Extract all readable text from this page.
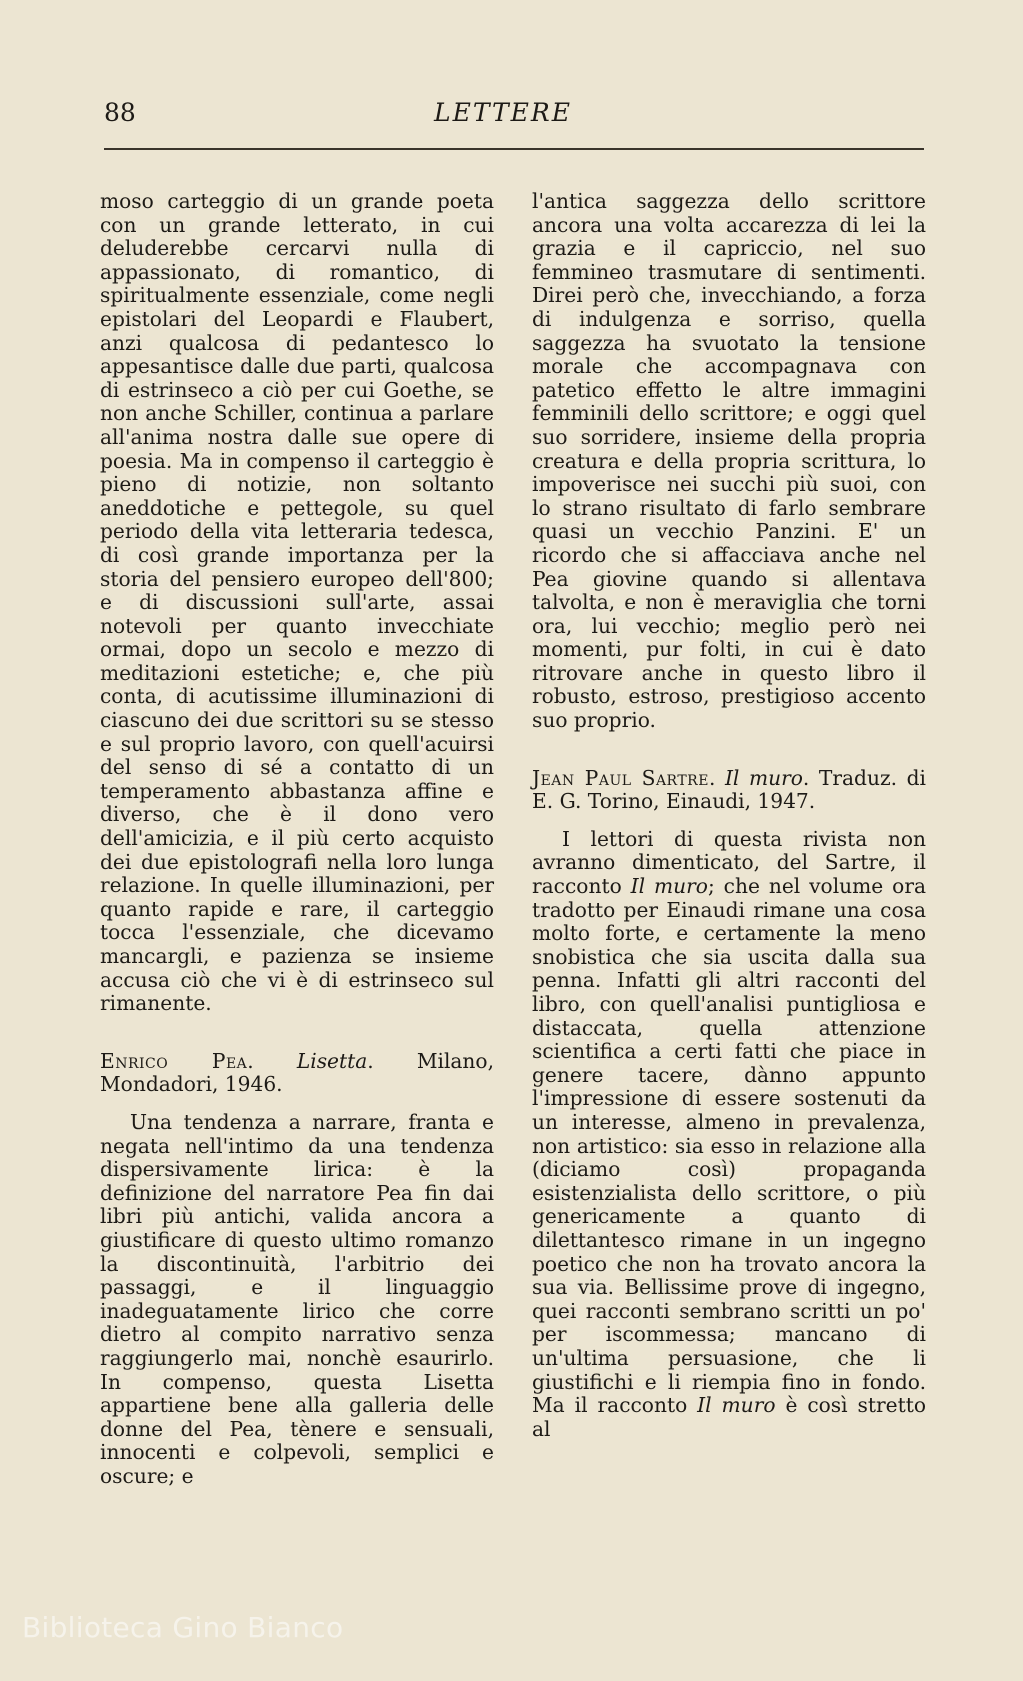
88	LETTERE

moso carteggio di un grande poeta con un grande letterato, in cui deluderebbe cercarvi nulla di appassionato, di romantico, di spiritualmente essenziale, come negli epistolari del Leopardi e Flaubert, anzi qualcosa di pedantesco lo appesantisce dalle due parti, qualcosa di estrinseco a ciò per cui Goethe, se non anche Schiller, continua a parlare all'anima nostra dalle sue opere di poesia. Ma in compenso il carteggio è pieno di notizie, non soltanto aneddotiche e pettegole, su quel periodo della vita letteraria tedesca, di così grande importanza per la storia del pensiero europeo dell'800; e di discussioni sull'arte, assai notevoli per quanto invecchiate ormai, dopo un secolo e mezzo di meditazioni estetiche; e, che più conta, di acutissime illuminazioni di ciascuno dei due scrittori su se stesso e sul proprio lavoro, con quell'acuirsi del senso di sé a contatto di un temperamento abbastanza affine e diverso, che è il dono vero dell'amicizia, e il più certo acquisto dei due epistolografi nella loro lunga relazione. In quelle illuminazioni, per quanto rapide e rare, il carteggio tocca l'essenziale, che dicevamo mancargli, e pazienza se insieme accusa ciò che vi è di estrinseco sul rimanente.

Enrico Pea. Lisetta. Milano, Mondadori, 1946.

Una tendenza a narrare, franta e negata nell'intimo da una tendenza dispersivamente lirica: è la definizione del narratore Pea fin dai libri più antichi, valida ancora a giustificare di questo ultimo romanzo la discontinuità, l'arbitrio dei passaggi, e il linguaggio inadeguatamente lirico che corre dietro al compito narrativo senza raggiungerlo mai, nonchè esaurirlo. In compenso, questa Lisetta appartiene bene alla galleria delle donne del Pea, tènere e sensuali, innocenti e colpevoli, semplici e oscure; e

l'antica saggezza dello scrittore ancora una volta accarezza di lei la grazia e il capriccio, nel suo femmineo trasmutare di sentimenti. Direi però che, invecchiando, a forza di indulgenza e sorriso, quella saggezza ha svuotato la tensione morale che accompagnava con patetico effetto le altre immagini femminili dello scrittore; e oggi quel suo sorridere, insieme della propria creatura e della propria scrittura, lo impoverisce nei succhi più suoi, con lo strano risultato di farlo sembrare quasi un vecchio Panzini. E' un ricordo che si affacciava anche nel Pea giovine quando si allentava talvolta, e non è meraviglia che torni ora, lui vecchio; meglio però nei momenti, pur folti, in cui è dato ritrovare anche in questo libro il robusto, estroso, prestigioso accento suo proprio.

Jean Paul Sartre. Il muro. Traduz. di E. G. Torino, Einaudi, 1947.

I lettori di questa rivista non avranno dimenticato, del Sartre, il racconto Il muro; che nel volume ora tradotto per Einaudi rimane una cosa molto forte, e certamente la meno snobistica che sia uscita dalla sua penna. Infatti gli altri racconti del libro, con quell'analisi puntigliosa e distaccata, quella attenzione scientifica a certi fatti che piace in genere tacere, dànno appunto l'impressione di essere sostenuti da un interesse, almeno in prevalenza, non artistico: sia esso in relazione alla (diciamo così) propaganda esistenzialista dello scrittore, o più genericamente a quanto di dilettantesco rimane in un ingegno poetico che non ha trovato ancora la sua via. Bellissime prove di ingegno, quei racconti sembrano scritti un po' per iscommessa; mancano di un'ultima persuasione, che li giustifichi e li riempia fino in fondo. Ma il racconto Il muro è così stretto al

Biblioteca Gino Bianco
